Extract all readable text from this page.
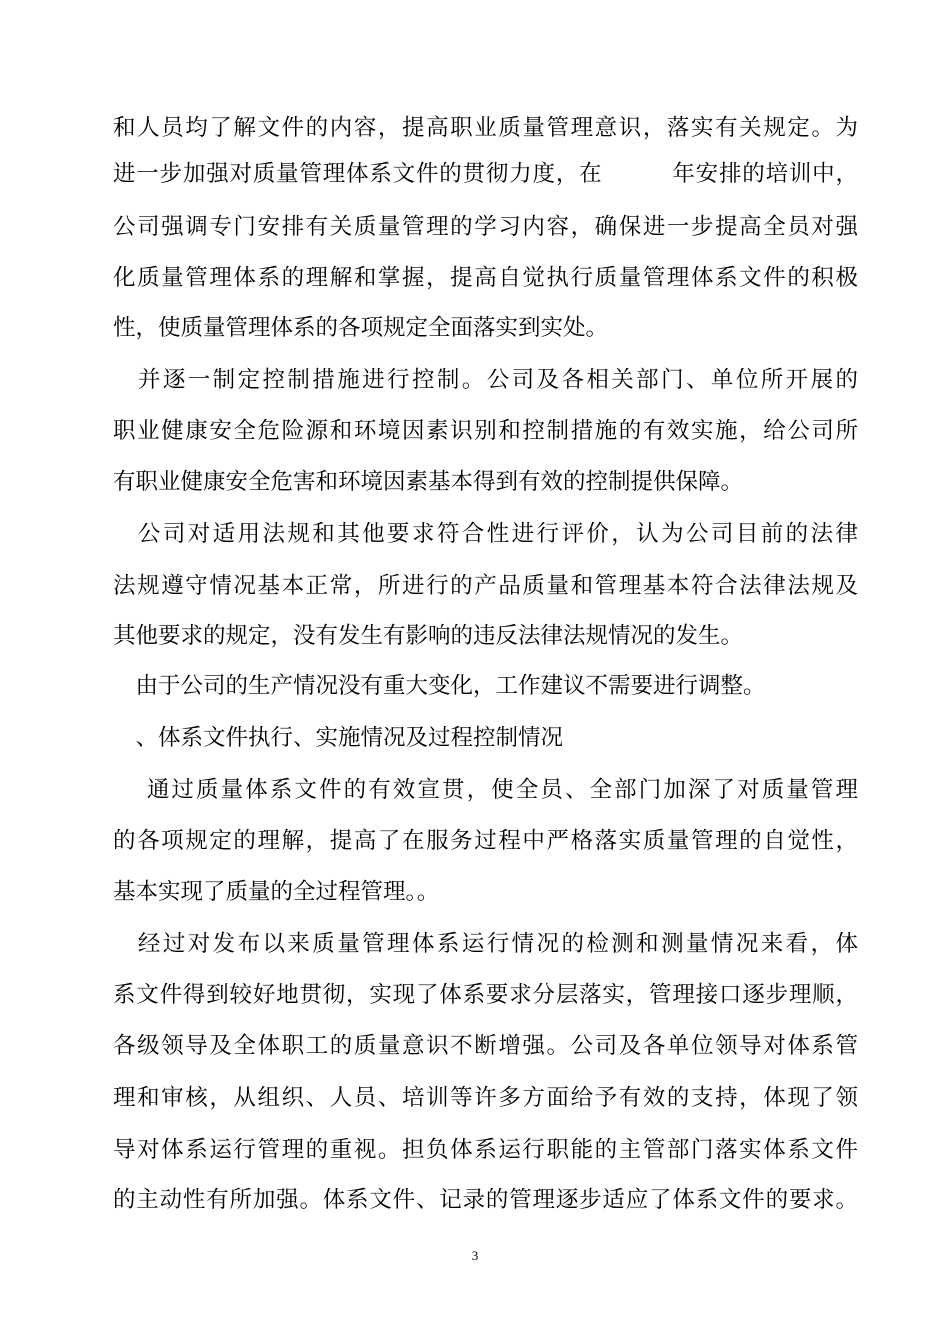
和人员均了解文件的内容，提高职业质量管理意识，落实有关规定。为
进一步加强对质量管理体系文件的贯彻力度，在　　　年安排的培训中，
公司强调专门安排有关质量管理的学习内容，确保进一步提高全员对强
化质量管理体系的理解和掌握，提高自觉执行质量管理体系文件的积极
性，使质量管理体系的各项规定全面落实到实处。
　并逐一制定控制措施进行控制。公司及各相关部门、单位所开展的
职业健康安全危险源和环境因素识别和控制措施的有效实施，给公司所
有职业健康安全危害和环境因素基本得到有效的控制提供保障。
　公司对适用法规和其他要求符合性进行评价，认为公司目前的法律
法规遵守情况基本正常，所进行的产品质量和管理基本符合法律法规及
其他要求的规定，没有发生有影响的违反法律法规情况的发生。
　由于公司的生产情况没有重大变化，工作建议不需要进行调整。
　、体系文件执行、实施情况及过程控制情况
　 通过质量体系文件的有效宣贯，使全员、全部门加深了对质量管理
的各项规定的理解，提高了在服务过程中严格落实质量管理的自觉性，
基本实现了质量的全过程管理。。
　经过对发布以来质量管理体系运行情况的检测和测量情况来看，体
系文件得到较好地贯彻，实现了体系要求分层落实，管理接口逐步理顺，
各级领导及全体职工的质量意识不断增强。公司及各单位领导对体系管
理和审核，从组织、人员、培训等许多方面给予有效的支持，体现了领
导对体系运行管理的重视。担负体系运行职能的主管部门落实体系文件
的主动性有所加强。体系文件、记录的管理逐步适应了体系文件的要求。
3
